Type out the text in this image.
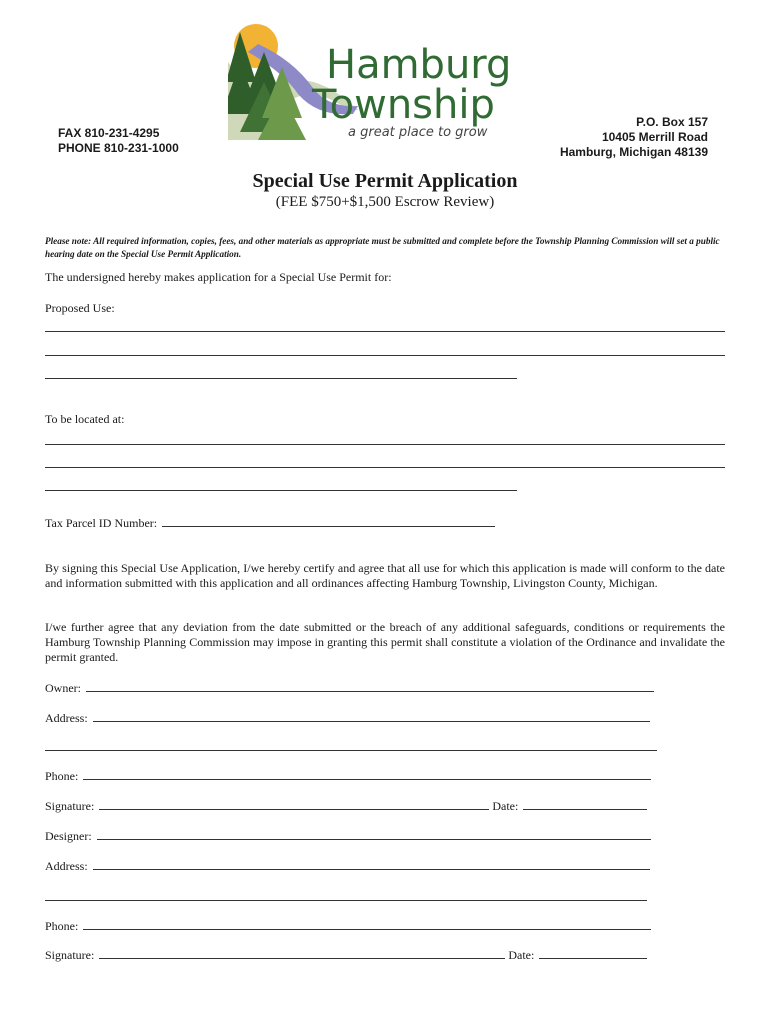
FAX 810-231-4295
PHONE 810-231-1000
Hamburg
Township
a great place to grow
P.O. Box 157
10405 Merrill Road
Hamburg, Michigan 48139
Special Use Permit Application
(FEE $750+$1,500 Escrow Review)
Please note: All required information, copies, fees, and other materials as appropriate must be submitted and complete before the Township Planning Commission will set a public hearing date on the Special Use Permit Application.
The undersigned hereby makes application for a Special Use Permit for:
Proposed Use:
To be located at:
Tax Parcel ID Number:
By signing this Special Use Application, I/we hereby certify and agree that all use for which this application is made will conform to the date and information submitted with this application and all ordinances affecting Hamburg Township, Livingston County, Michigan.
I/we further agree that any deviation from the date submitted or the breach of any additional safeguards, conditions or requirements the Hamburg Township Planning Commission may impose in granting this permit shall constitute a violation of the Ordinance and invalidate the permit granted.
Owner:
Address:
Phone:
Signature:	Date:
Designer:
Address:
Phone:
Signature:	Date:
